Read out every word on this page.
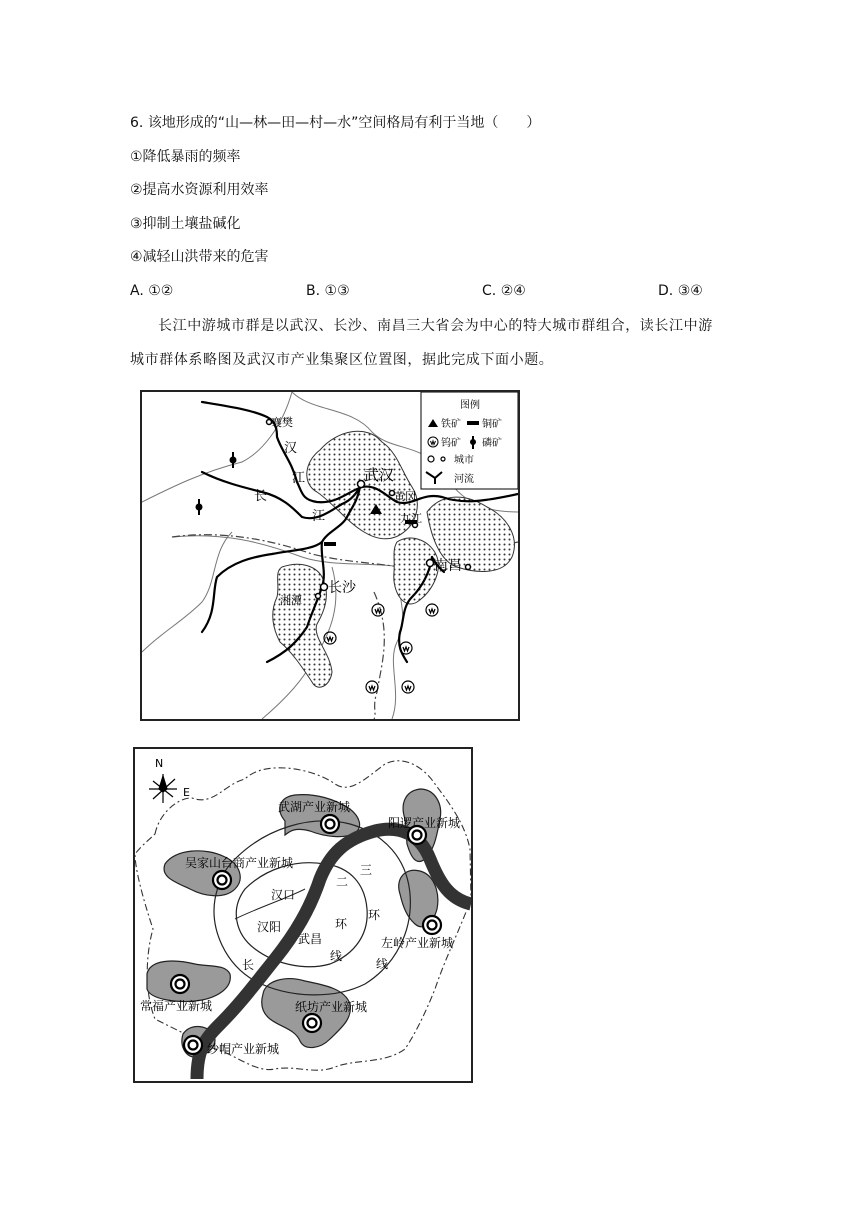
6. 该地形成的“山—林—田—村—水”空间格局有利于当地（　　）
①降低暴雨的频率
②提高水资源利用效率
③抑制土壤盐碱化
④减轻山洪带来的危害
A. ①②	B. ①③	C. ②④	D. ③④
长江中游城市群是以武汉、长沙、南昌三大省会为中心的特大城市群组合，读长江中游
城市群体系略图及武汉市产业集聚区位置图，据此完成下面小题。
襄樊
汉
江	武汉
黄冈
长
江	九江
南昌
长沙
湘潭
图例
铁矿 铜矿
钨矿 磷矿
城市
河流
N
E
武湖产业新城
阳逻产业新城
吴家山台商产业新城
汉口
汉阳
武昌
二
环
线
三
环
线
左岭产业新城
长
常福产业新城	纸坊产业新城
纱帽产业新城
